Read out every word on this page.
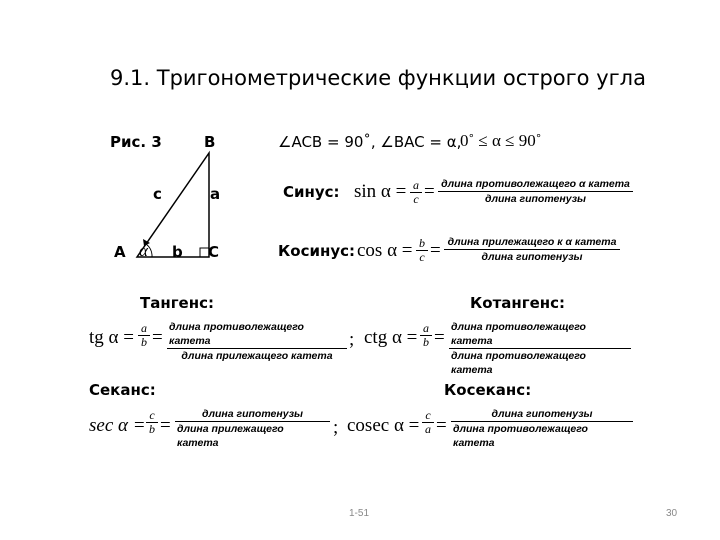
9.1. Тригонометрические функции острого угла
Рис. 3	B
c	a
A α b C
∠ACB = 90˚, ∠BAC = α,
0˚ ≤ α ≤ 90˚
Синус: sin α = a
c = длина противолежащего α катета
длина гипотенузы
Косинус: cos α = b
c = длина прилежащего к α катета
длина гипотенузы
Тангенс:
tg α = a
b = длина противолежащего катета
длина прилежащего катета
;
Котангенс:
ctg α = a
b = длина противолежащего катета
длина противолежащего катета
Секанс:
sec α = c
b =
длина гипотенузы
длина прилежащего катета
;
Косеканс:
cosec α = c
a =
длина гипотенузы
длина противолежащего катета
1-51	30
